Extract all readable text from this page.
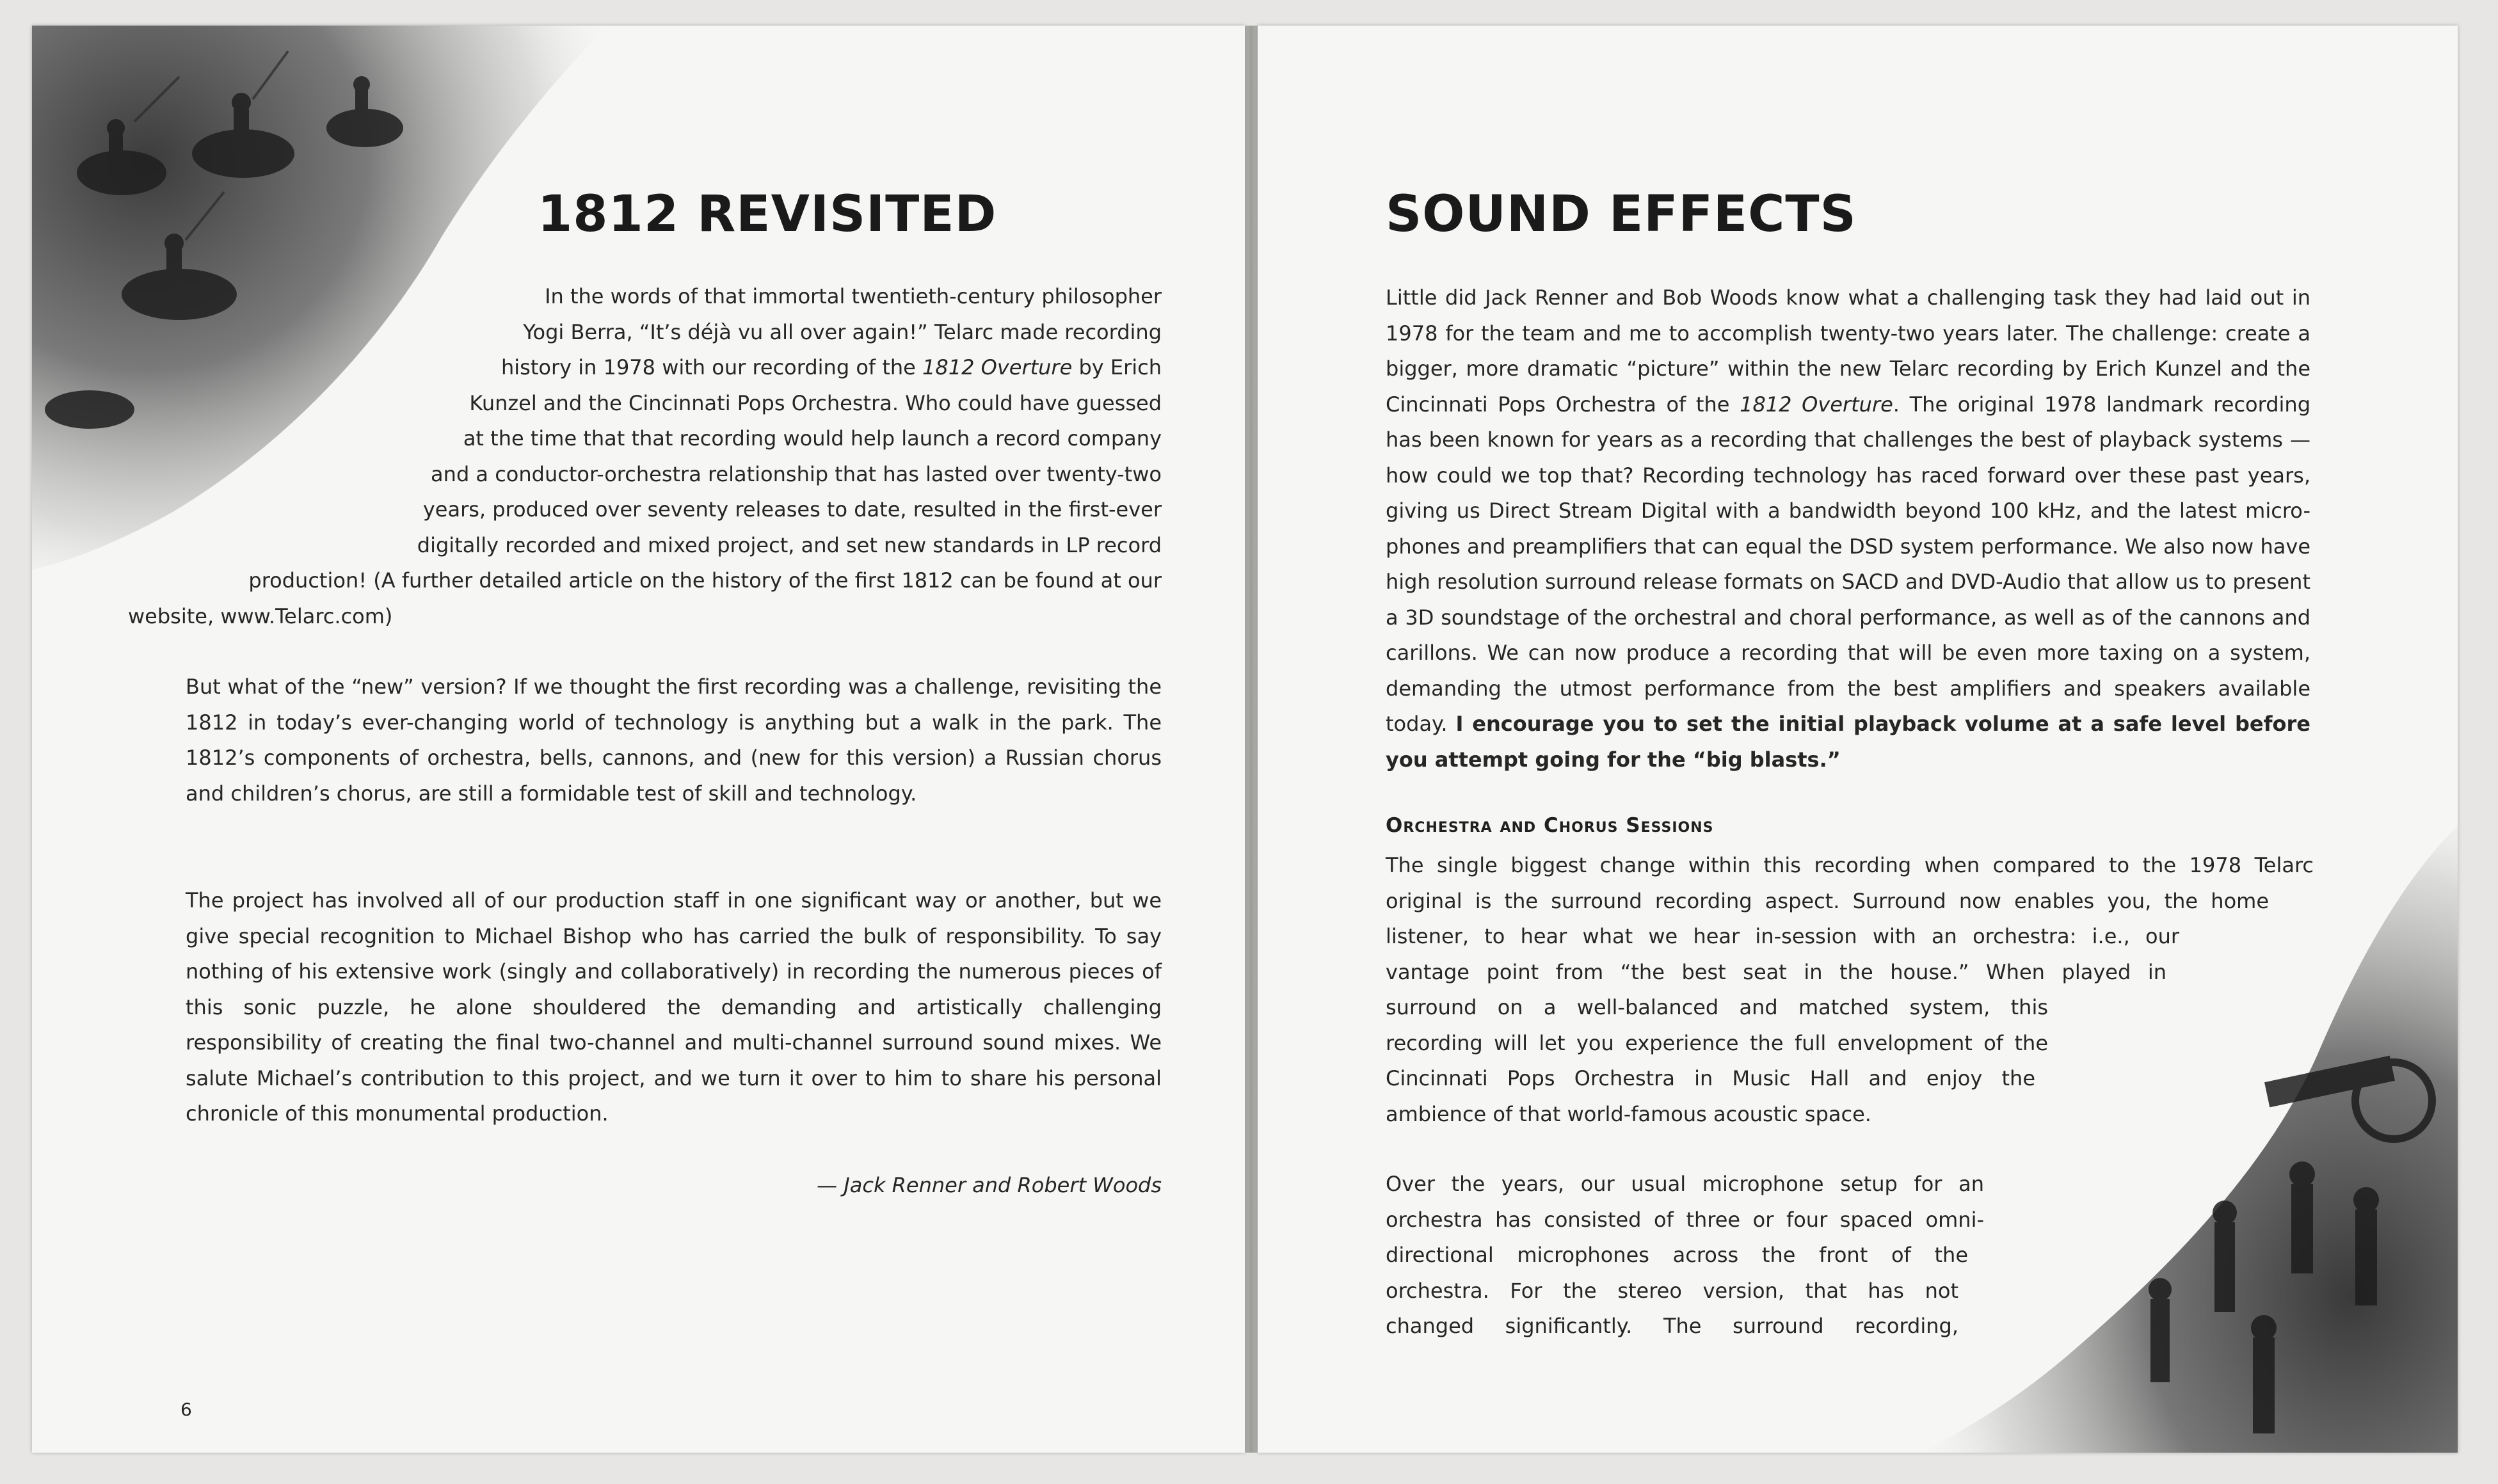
1812 REVISITED
In the words of that immortal twentieth-century philosopher
Yogi Berra, “It’s déjà vu all over again!” Telarc made recording
history in 1978 with our recording of the 1812 Overture by Erich
Kunzel and the Cincinnati Pops Orchestra. Who could have guessed
at the time that that recording would help launch a record company
and a conductor-orchestra relationship that has lasted over twenty-two
years, produced over seventy releases to date, resulted in the first-ever
digitally recorded and mixed project, and set new standards in LP record
production! (A further detailed article on the history of the first 1812 can be found at our
website, www.Telarc.com)

But what of the “new” version? If we thought the first recording was a challenge, revisiting the 1812 in today’s ever-changing world of technology is anything but a walk in the park. The 1812’s components of orchestra, bells, cannons, and (new for this version) a Russian chorus and children’s chorus, are still a formidable test of skill and technology.

The project has involved all of our production staff in one significant way or another, but we give special recognition to Michael Bishop who has carried the bulk of responsibility. To say nothing of his extensive work (singly and collaboratively) in recording the numerous pieces of this sonic puzzle, he alone shouldered the demanding and artistically challenging responsibility of creating the final two-channel and multi-channel surround sound mixes. We salute Michael’s contribution to this project, and we turn it over to him to share his personal chronicle of this monumental production.

— Jack Renner and Robert Woods

6
SOUND EFFECTS

Little did Jack Renner and Bob Woods know what a challenging task they had laid out in 1978 for the team and me to accomplish twenty-two years later. The challenge: create a bigger, more dramatic “picture” within the new Telarc recording by Erich Kunzel and the Cincinnati Pops Orchestra of the 1812 Overture. The original 1978 landmark recording has been known for years as a recording that challenges the best of playback systems — how could we top that? Recording technology has raced forward over these past years, giving us Direct Stream Digital with a bandwidth beyond 100 kHz, and the latest micro-phones and preamplifiers that can equal the DSD system performance. We also now have high resolution surround release formats on SACD and DVD-Audio that allow us to present a 3D soundstage of the orchestral and choral performance, as well as of the cannons and carillons. We can now produce a recording that will be even more taxing on a system, demanding the utmost performance from the best amplifiers and speakers available today. I encourage you to set the initial playback volume at a safe level before you attempt going for the “big blasts.”

Orchestra and Chorus Sessions
The single biggest change within this recording when compared to the 1978 Telarc
original is the surround recording aspect. Surround now enables you, the home
listener, to hear what we hear in-session with an orchestra: i.e., our
vantage point from “the best seat in the house.” When played in
surround on a well-balanced and matched system, this
recording will let you experience the full envelopment of the
Cincinnati Pops Orchestra in Music Hall and enjoy the
ambience of that world-famous acoustic space.
Over the years, our usual microphone setup for an
orchestra has consisted of three or four spaced omni-
directional microphones across the front of the
orchestra. For the stereo version, that has not
changed significantly. The surround recording,
